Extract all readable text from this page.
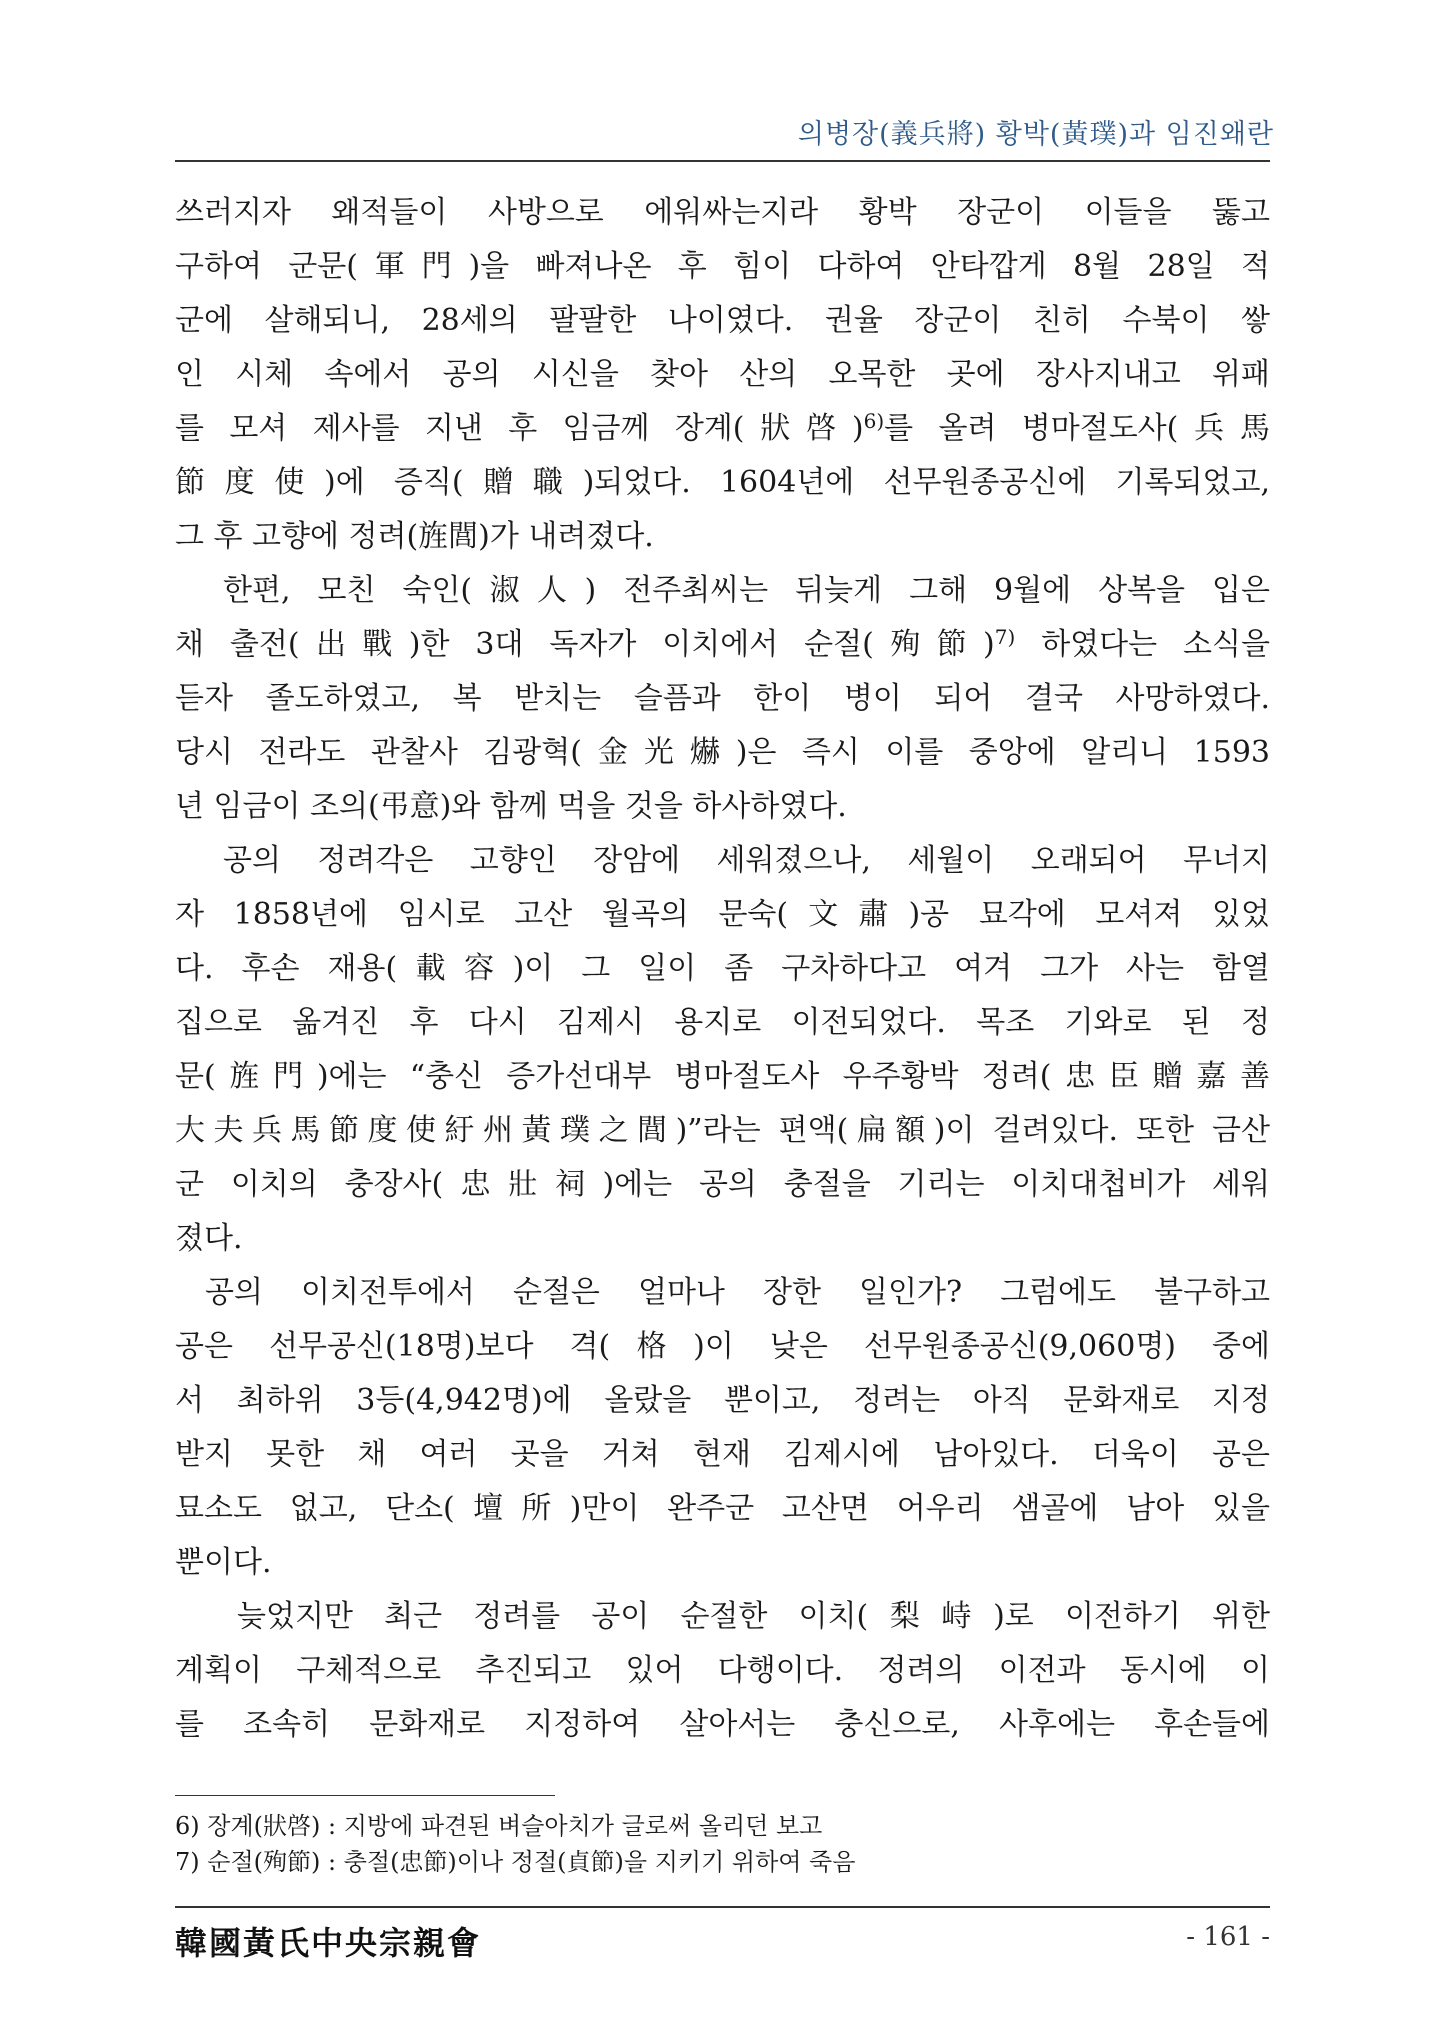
의병장(義兵將) 황박(黃璞)과 임진왜란
쓰러지자 왜적들이 사방으로 에워싸는지라 황박 장군이 이들을 뚫고
구하여 군문(軍門)을 빠져나온 후 힘이 다하여 안타깝게 8월 28일 적
군에 살해되니, 28세의 팔팔한 나이였다. 권율 장군이 친히 수북이 쌓
인 시체 속에서 공의 시신을 찾아 산의 오목한 곳에 장사지내고 위패
를 모셔 제사를 지낸 후 임금께 장계(狀啓)$^{6)}$를 올려 병마절도사(兵馬
節度使)에 증직(贈職)되었다. 1604년에 선무원종공신에 기록되었고,
그 후 고향에 정려(旌閭)가 내려졌다.
한편, 모친 숙인(淑人) 전주최씨는 뒤늦게 그해 9월에 상복을 입은
채 출전(出戰)한 3대 독자가 이치에서 순절(殉節)$^{7)}$ 하였다는 소식을
듣자 졸도하였고, 복 받치는 슬픔과 한이 병이 되어 결국 사망하였다.
당시 전라도 관찰사 김광혁(金光爀)은 즉시 이를 중앙에 알리니 1593
년 임금이 조의(弔意)와 함께 먹을 것을 하사하였다.
공의 정려각은 고향인 장암에 세워졌으나, 세월이 오래되어 무너지
자 1858년에 임시로 고산 월곡의 문숙(文肅)공 묘각에 모셔져 있었
다. 후손 재용(載容)이 그 일이 좀 구차하다고 여겨 그가 사는 함열
집으로 옮겨진 후 다시 김제시 용지로 이전되었다. 목조 기와로 된 정
문(旌門)에는 “충신 증가선대부 병마절도사 우주황박 정려(忠臣贈嘉善
大夫兵馬節度使紆州黃璞之閭)”라는 편액(扁額)이 걸려있다. 또한 금산
군 이치의 충장사(忠壯祠)에는 공의 충절을 기리는 이치대첩비가 세워
졌다.
공의 이치전투에서 순절은 얼마나 장한 일인가? 그럼에도 불구하고
공은 선무공신(18명)보다 격(格)이 낮은 선무원종공신(9,060명) 중에
서 최하위 3등(4,942명)에 올랐을 뿐이고, 정려는 아직 문화재로 지정
받지 못한 채 여러 곳을 거쳐 현재 김제시에 남아있다. 더욱이 공은
묘소도 없고, 단소(壇所)만이 완주군 고산면 어우리 샘골에 남아 있을
뿐이다.
늦었지만 최근 정려를 공이 순절한 이치(梨峙)로 이전하기 위한
계획이 구체적으로 추진되고 있어 다행이다. 정려의 이전과 동시에 이
를 조속히 문화재로 지정하여 살아서는 충신으로, 사후에는 후손들에
6) 장계(狀啓) : 지방에 파견된 벼슬아치가 글로써 올리던 보고
7) 순절(殉節) : 충절(忠節)이나 정절(貞節)을 지키기 위하여 죽음
韓國黃氏中央宗親會	- 161 -
